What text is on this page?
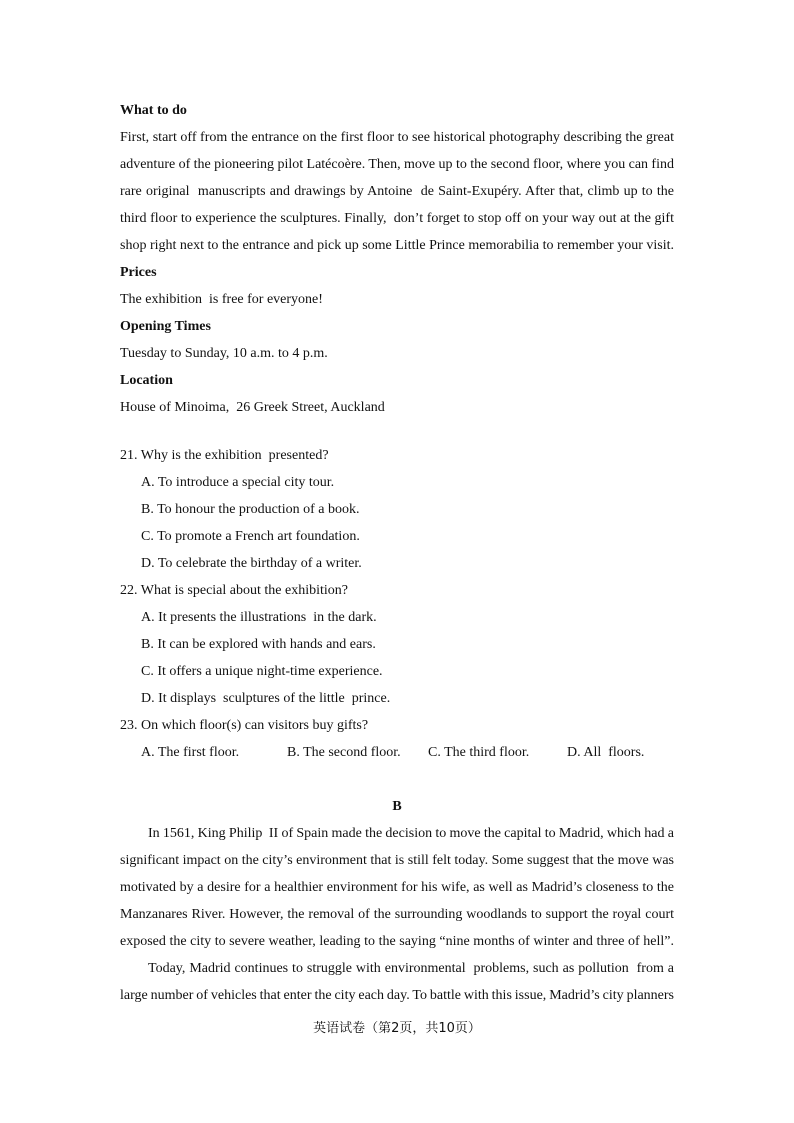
What to do
First, start off from the entrance on the first floor to see historical photography describing the great
adventure of the pioneering pilot Latécoère. Then, move up to the second floor, where you can find
rare original  manuscripts and drawings by Antoine  de Saint-Exupéry. After that, climb up to the
third floor to experience the sculptures. Finally,  don’t forget to stop off on your way out at the gift
shop right next to the entrance and pick up some Little Prince memorabilia to remember your visit.
Prices
The exhibition  is free for everyone!
Opening Times
Tuesday to Sunday, 10 a.m. to 4 p.m.
Location
House of Minoima,  26 Greek Street, Auckland
21. Why is the exhibition  presented?
A. To introduce a special city tour.
B. To honour the production of a book.
C. To promote a French art foundation.
D. To celebrate the birthday of a writer.
22. What is special about the exhibition?
A. It presents the illustrations  in the dark.
B. It can be explored with hands and ears.
C. It offers a unique night-time experience.
D. It displays  sculptures of the little  prince.
23. On which floor(s) can visitors buy gifts?
A. The first floor.	B. The second floor. C. The third floor.	D. All  floors.
B
In 1561, King Philip  II of Spain made the decision to move the capital to Madrid, which had a
significant impact on the city’s environment that is still felt today. Some suggest that the move was
motivated by a desire for a healthier environment for his wife, as well as Madrid’s closeness to the
Manzanares River. However, the removal of the surrounding woodlands to support the royal court
exposed the city to severe weather, leading to the saying “nine months of winter and three of hell”.
Today, Madrid continues to struggle with environmental  problems, such as pollution  from a
large number of vehicles that enter the city each day. To battle with this issue, Madrid’s city planners
英语试卷（第2页，共10页）
